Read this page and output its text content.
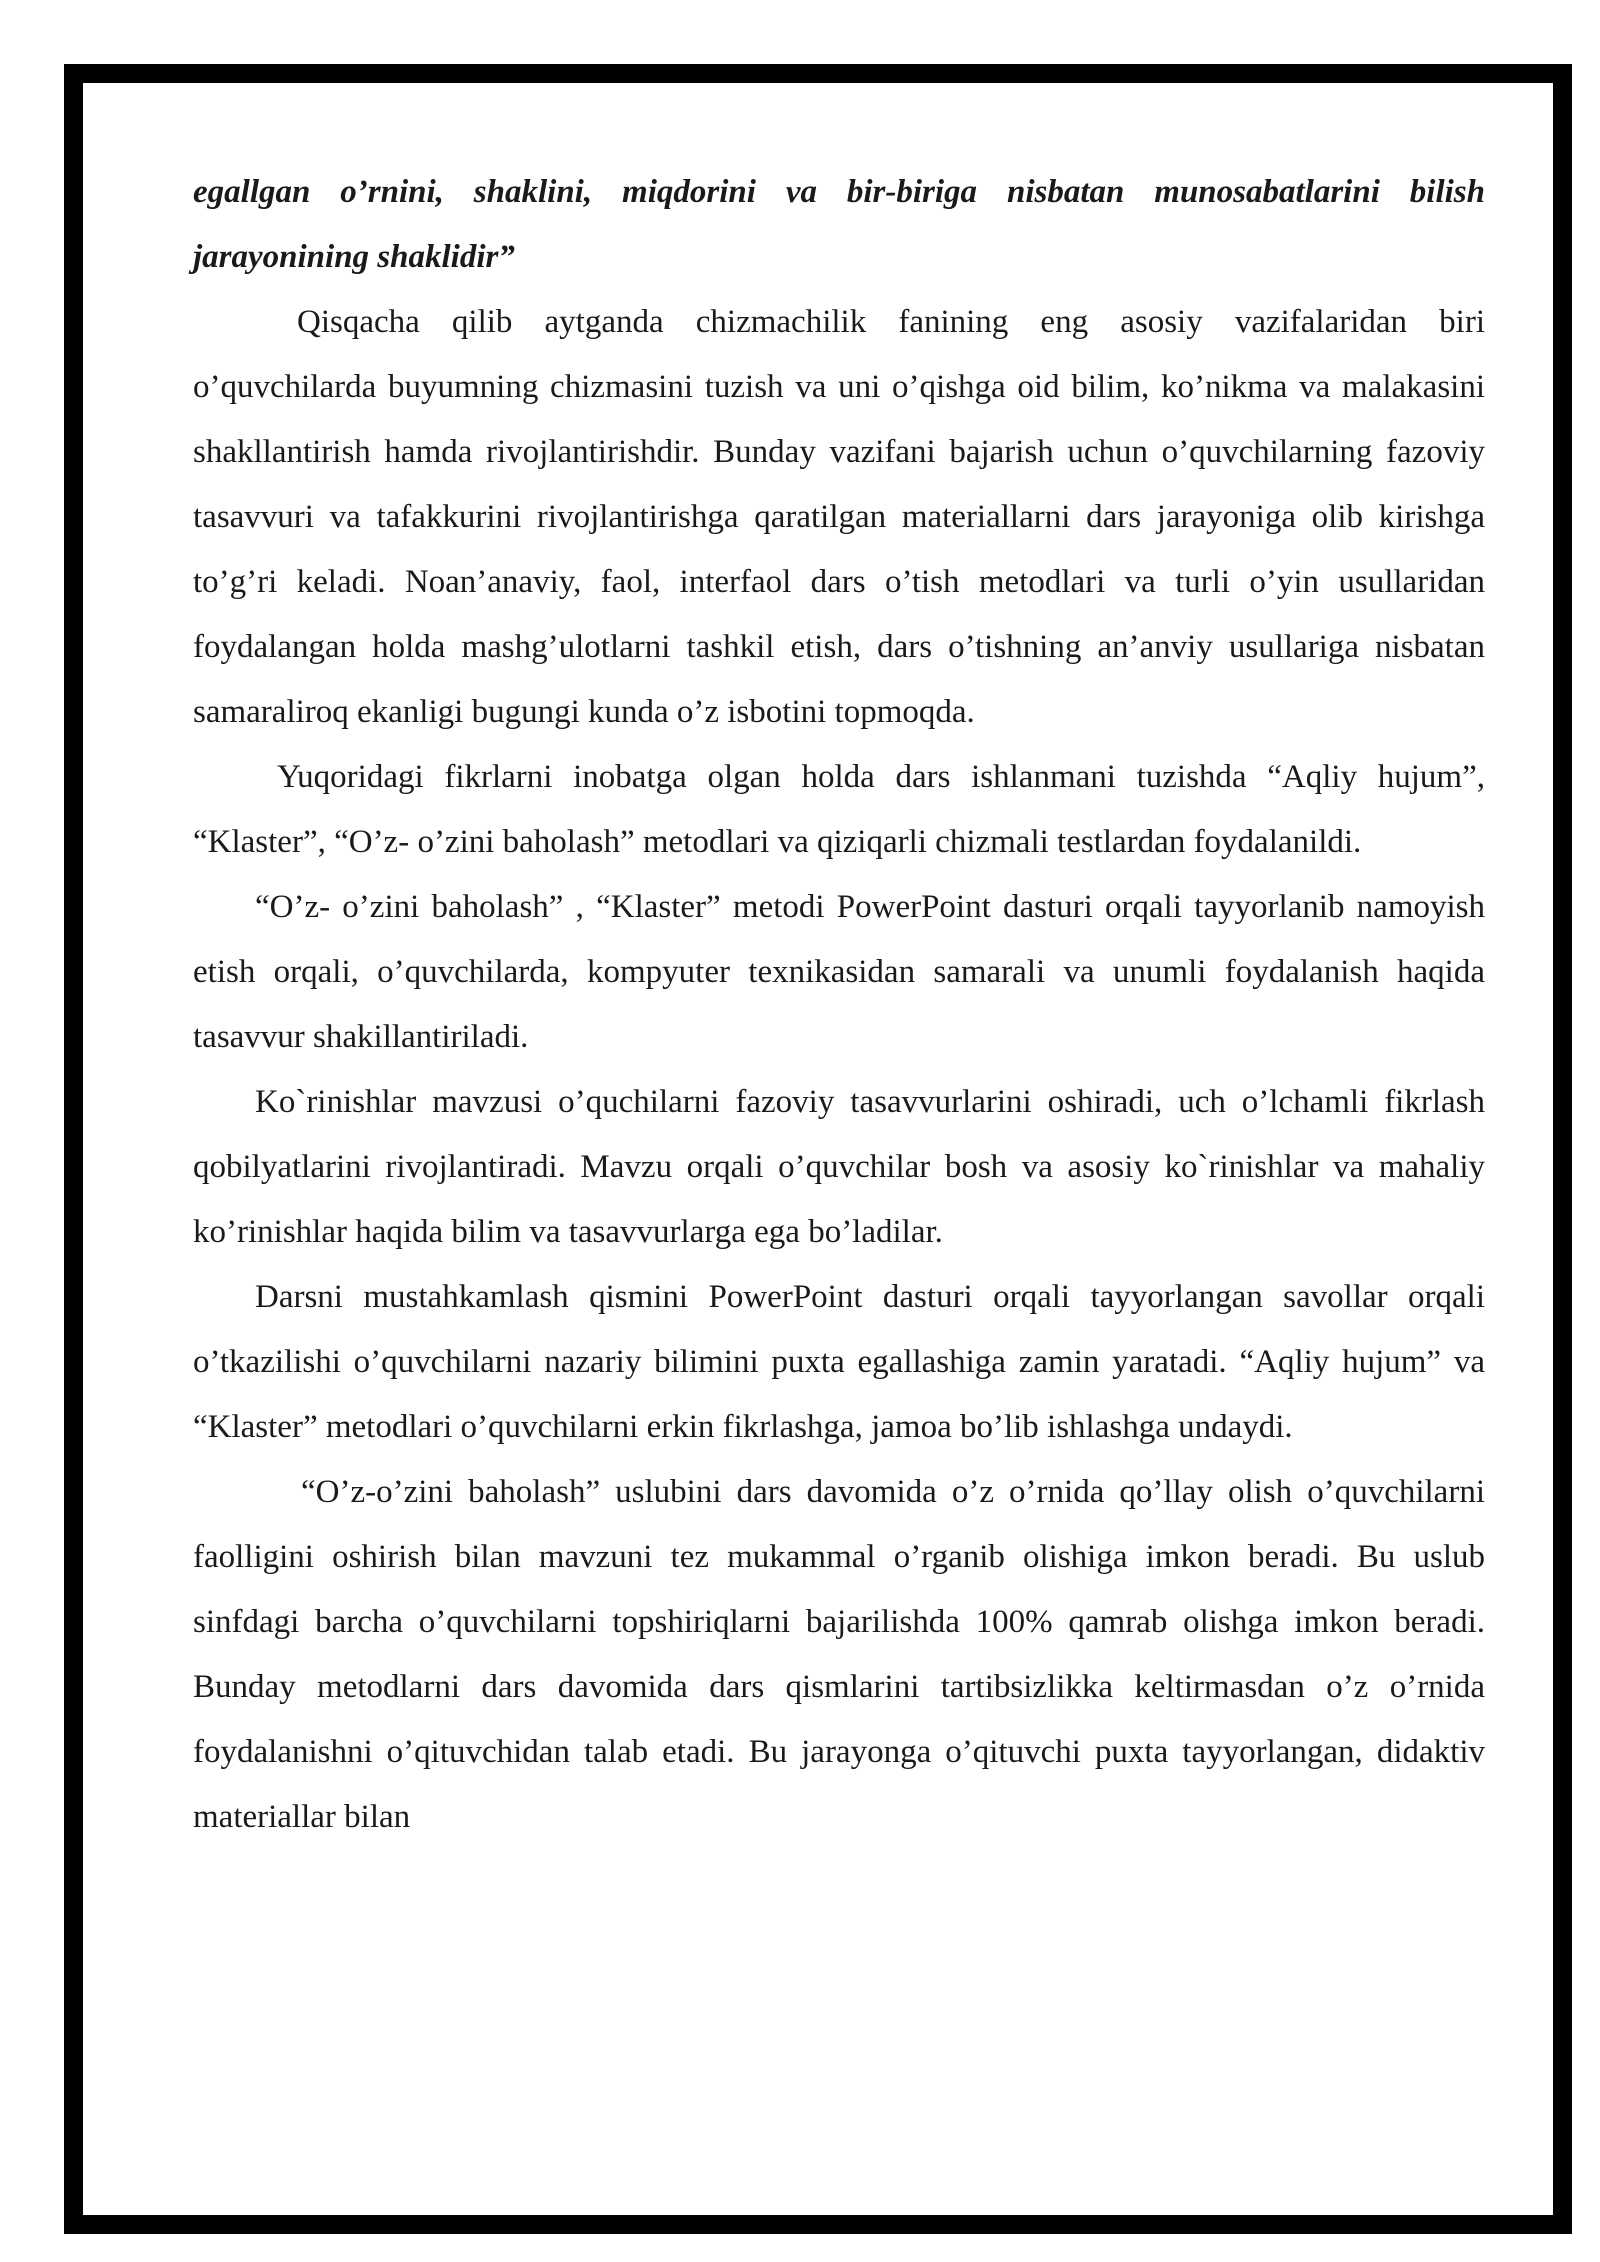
egallgan o’rnini, shaklini, miqdorini va bir-biriga nisbatan munosabatlarini bilish jarayonining shaklidir”

Qisqacha qilib aytganda chizmachilik fanining eng asosiy vazifalaridan biri o’quvchilarda buyumning chizmasini tuzish va uni o’qishga oid bilim, ko’nikma va malakasini shakllantirish hamda rivojlantirishdir. Bunday vazifani bajarish uchun o’quvchilarning fazoviy tasavvuri va tafakkurini rivojlantirishga qaratilgan materiallarni dars jarayoniga olib kirishga to’g’ri keladi. Noan’anaviy, faol, interfaol dars o’tish metodlari va turli o’yin usullaridan foydalangan holda mashg’ulotlarni tashkil etish, dars o’tishning an’anviy usullariga nisbatan samaraliroq ekanligi bugungi kunda o’z isbotini topmoqda.

Yuqoridagi fikrlarni inobatga olgan holda dars ishlanmani tuzishda “Aqliy hujum”, “Klaster”, “O’z- o’zini baholash” metodlari va qiziqarli chizmali testlardan foydalanildi.

“O’z- o’zini baholash” , “Klaster” metodi PowerPoint dasturi orqali tayyorlanib namoyish etish orqali, o’quvchilarda, kompyuter texnikasidan samarali va unumli foydalanish haqida tasavvur shakillantiriladi.

Ko`rinishlar mavzusi o’quchilarni fazoviy tasavvurlarini oshiradi, uch o’lchamli fikrlash qobilyatlarini rivojlantiradi. Mavzu orqali o’quvchilar bosh va asosiy ko`rinishlar va mahaliy ko’rinishlar haqida bilim va tasavvurlarga ega bo’ladilar.

Darsni mustahkamlash qismini PowerPoint dasturi orqali tayyorlangan savollar orqali o’tkazilishi o’quvchilarni nazariy bilimini puxta egallashiga zamin yaratadi. “Aqliy hujum” va “Klaster” metodlari o’quvchilarni erkin fikrlashga, jamoa bo’lib ishlashga undaydi.

“O’z-o’zini baholash” uslubini dars davomida o’z o’rnida qo’llay olish o’quvchilarni faolligini oshirish bilan mavzuni tez mukammal o’rganib olishiga imkon beradi. Bu uslub sinfdagi barcha o’quvchilarni topshiriqlarni bajarilishda 100% qamrab olishga imkon beradi. Bunday metodlarni dars davomida dars qismlarini tartibsizlikka keltirmasdan o’z o’rnida foydalanishni o’qituvchidan talab etadi. Bu jarayonga o’qituvchi puxta tayyorlangan, didaktiv materiallar bilan
